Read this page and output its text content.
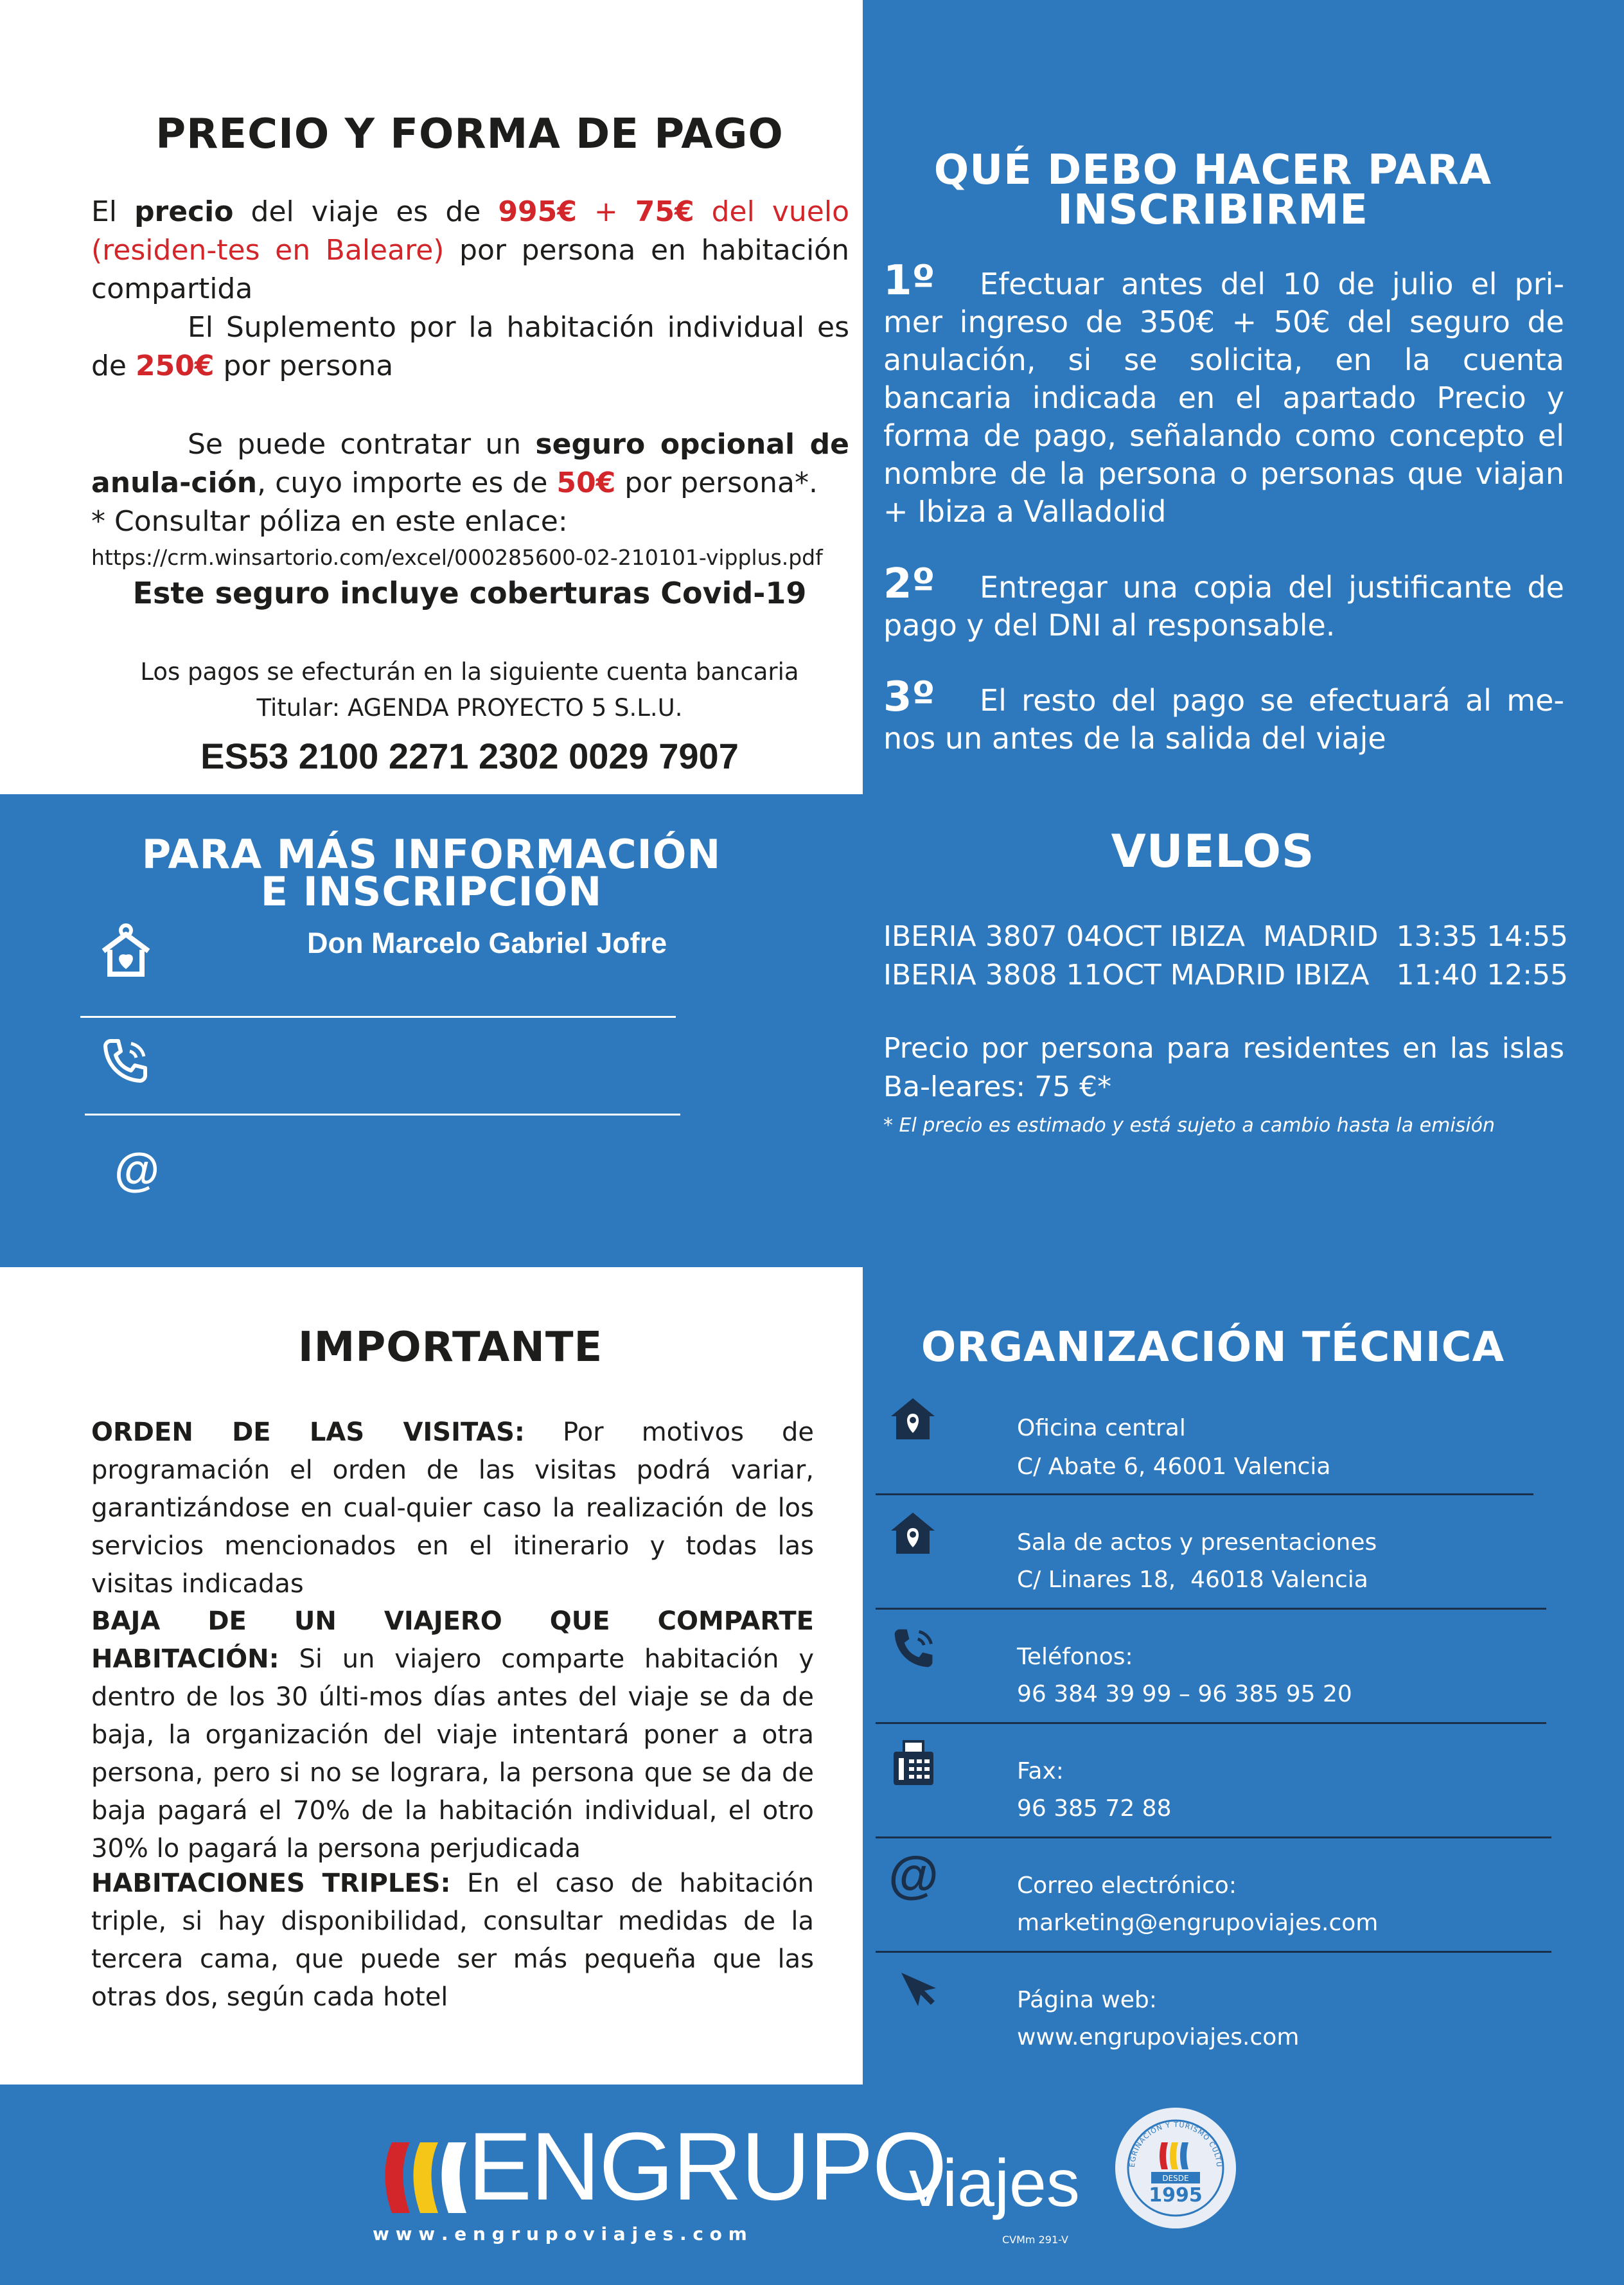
PRECIO Y FORMA DE PAGO
El precio del viaje es de 995€ + 75€ del vuelo (residen-tes en Baleare) por persona en habitación compartida
El Suplemento por la habitación individual es de 250€ por persona
Se puede contratar un seguro opcional de anula-ción, cuyo importe es de 50€ por persona*.
* Consultar póliza en este enlace:
https://crm.winsartorio.com/excel/000285600-02-210101-vipplus.pdf
Este seguro incluye coberturas Covid-19
Los pagos se efecturán en la siguiente cuenta bancaria
Titular: AGENDA PROYECTO 5 S.L.U.
ES53 2100 2271 2302 0029 7907
QUÉ DEBO HACER PARA
INSCRIBIRME
1º Efectuar antes del 10 de julio el pri-mer ingreso de 350€ + 50€ del seguro de anulación, si se solicita, en la cuenta bancaria indicada en el apartado Precio y forma de pago, señalando como concepto el nombre de la persona o personas que viajan + Ibiza a Valladolid
2º Entregar una copia del justificante de pago y del DNI al responsable.
3º El resto del pago se efectuará al me-nos un antes de la salida del viaje
PARA MÁS INFORMACIÓN
E INSCRIPCIÓN
Don Marcelo Gabriel Jofre
@
VUELOS
IBERIA 3807 04OCT IBIZA  MADRID  13:35 14:55
IBERIA 3808 11OCT MADRID IBIZA   11:40 12:55
Precio por persona para residentes en las islas Ba-leares: 75 €*
* El precio es estimado y está sujeto a cambio hasta la emisión
IMPORTANTE
ORDEN DE LAS VISITAS: Por motivos de programación el orden de las visitas podrá variar, garantizándose en cual-quier caso la realización de los servicios mencionados en el itinerario y todas las visitas indicadas
BAJA DE UN VIAJERO QUE COMPARTE HABITACIÓN: Si un viajero comparte habitación y dentro de los 30 últi-mos días antes del viaje se da de baja, la organización del viaje intentará poner a otra persona, pero si no se lograra, la persona que se da de baja pagará el 70% de la habitación individual, el otro 30% lo pagará la persona perjudicada
HABITACIONES TRIPLES: En el caso de habitación triple, si hay disponibilidad, consultar medidas de la tercera cama, que puede ser más pequeña que las otras dos, según cada hotel
ORGANIZACIÓN TÉCNICA
Oficina central
C/ Abate 6, 46001 Valencia
Sala de actos y presentaciones
C/ Linares 18,  46018 Valencia
Teléfonos:
96 384 39 99 – 96 385 95 20
Fax:
96 385 72 88
@	Correo electrónico:
marketing@engrupoviajes.com
Página web:
www.engrupoviajes.com
ENGRUPO
viajes
w w w . e n g r u p o v i a j e s . c o m	CVMm 291-V
EGRINACIÓN Y TURISMO CULTU
DESDE
1995
